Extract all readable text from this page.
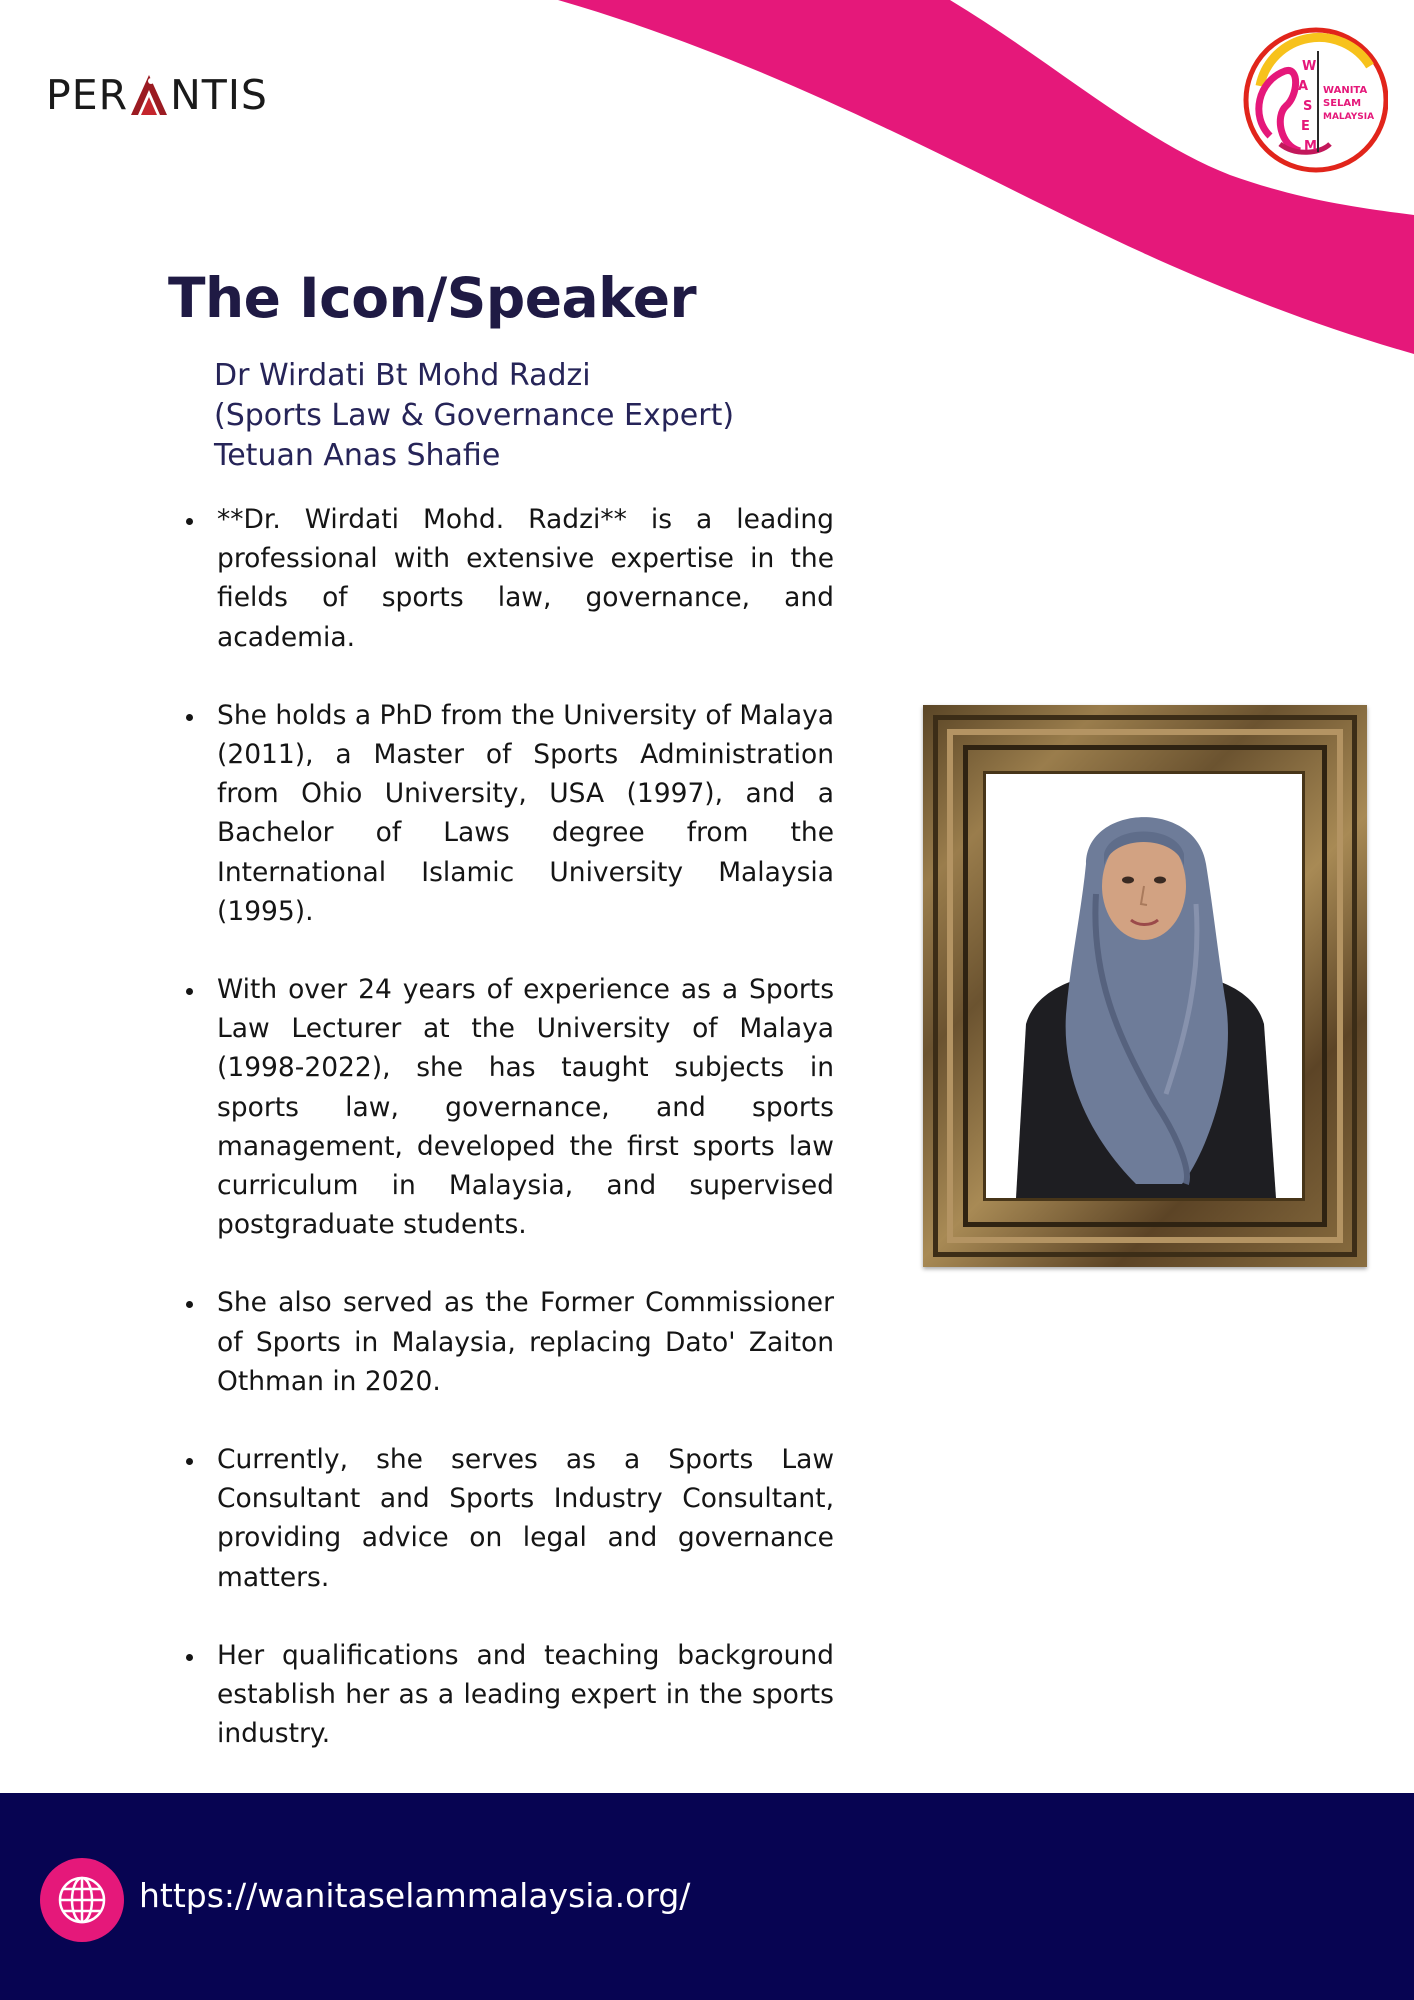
PER NTIS
W
A
S
E
M
WANITA
SELAM
MALAYSIA
The Icon/Speaker
Dr Wirdati Bt Mohd Radzi
(Sports Law & Governance Expert)
Tetuan Anas Shafie
**Dr. Wirdati Mohd. Radzi** is a leading professional with extensive expertise in the fields of sports law, governance, and academia.
She holds a PhD from the University of Malaya (2011), a Master of Sports Administration from Ohio University, USA (1997), and a Bachelor of Laws degree from the International Islamic University Malaysia (1995).
With over 24 years of experience as a Sports Law Lecturer at the University of Malaya (1998-2022), she has taught subjects in sports law, governance, and sports management, developed the first sports law curriculum in Malaysia, and supervised postgraduate students.
She also served as the Former Commissioner of Sports in Malaysia, replacing Dato' Zaiton Othman in 2020.
Currently, she serves as a Sports Law Consultant and Sports Industry Consultant, providing advice on legal and governance matters.
Her qualifications and teaching background establish her as a leading expert in the sports industry.
https://wanitaselammalaysia.org/
